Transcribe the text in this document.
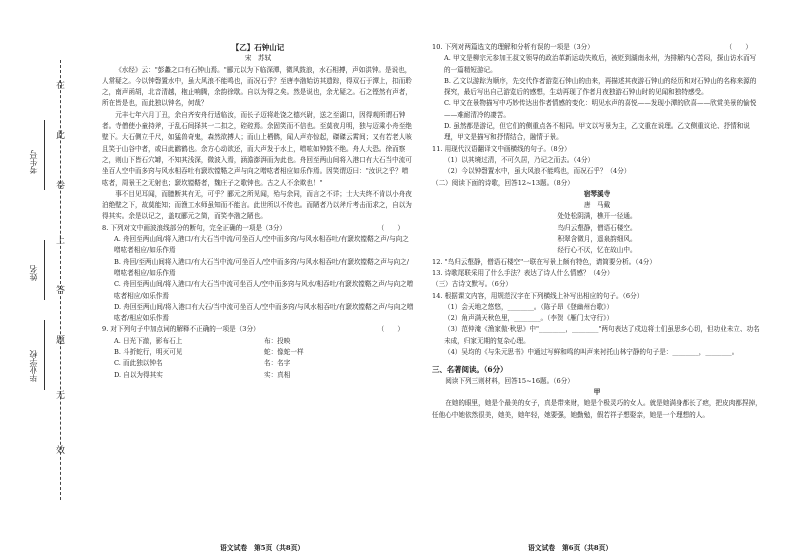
在
此
卷
上
答
题
无
效
考生号
姓名
毕业学校

【乙】石钟山记

宋　苏轼

《水经》云："彭蠡之口有石钟山焉。"郦元以为下临深潭，微风鼓浪，水石相搏，声如洪钟。是说也，人常疑之。今以钟磬置水中，虽大风浪不能鸣也，而况石乎？至唐李渤始访其遗踪，得双石于潭上，扣而聆之，南声函胡，北音清越，枹止响腾，余韵徐歇。自以为得之矣。然是说也，余尤疑之。石之铿然有声者，所在皆是也，而此独以钟名，何哉？

元丰七年六月丁丑，余自齐安舟行适临汝，而长子迈将赴饶之德兴尉，送之至湖口，因得观所谓石钟者。寺僧使小童持斧，于乱石间择其一二扣之，硿硿焉。余固笑而不信也。至莫夜月明，独与迈乘小舟至绝壁下。大石侧立千尺，如猛兽奇鬼，森然欲搏人；而山上栖鹘，闻人声亦惊起，磔磔云霄间；又有若老人咳且笑于山谷中者，或曰此鹳鹤也。余方心动欲还，而大声发于水上，噌吰如钟鼓不绝。舟人大恐。徐而察之，则山下皆石穴罅，不知其浅深，微波入焉，涵澹澎湃而为此也。舟回至两山间将入港口有大石当中流可坐百人空中而多窍与风水相吞吐有窾坎镗鞳之声与向之噌吰者相应如乐作焉。因笑谓迈曰："汝识之乎？噌吰者，周景王之无射也；窾坎镗鞳者，魏庄子之歌钟也。古之人不余欺也！"

事不目见耳闻，而臆断其有无，可乎？郦元之所见闻，殆与余同，而言之不详；士大夫终不肯以小舟夜泊绝壁之下，故莫能知；而渔工水师虽知而不能言。此世所以不传也。而陋者乃以斧斤考击而求之，自以为得其实。余是以记之，盖叹郦元之简，而笑李渤之陋也。

8. 下列对文中画波浪线部分的断句，完全正确的一项是（3分）	（　　）

A. 舟回至两山间/将入港口/有大石当中流/可坐百人/空中而多窍/与风水相吞吐/有窾坎镗鞳之声/与向之噌吰者相应/如乐作焉

B. 舟回/至两山间将入港口/有大石当中流/可坐百人/空中而多窍/与风水相吞吐/有窾坎镗鞳之声与向之/噌吰者相应/如乐作焉

C. 舟回至两山间/将入港口/有大石当中流可坐百人/空中而多窍与风水/相吞吐/有窾坎镗鞳之声/与向之噌吰者相应/如乐作焉

D. 舟回至两山间/将入港口有大石/当中流可坐百人/空中而多窍/与风水相吞吐/有窾坎镗鞳之声/与向之噌吰者/相应如乐作焉

9. 对下列句子中加点词的解释不正确的一项是（3分）	（　　）

A. 日光下澈，影布石上	布：投映
B. 斗折蛇行，明灭可见	蛇：像蛇一样
C. 而此独以钟名	名：名字
D. 自以为得其实	实：真相
语文试卷　第5页（共8页）

10. 下列对两篇选文的理解和分析有误的一项是（3分）	（　　）

A. 甲文是柳宗元参加王叔文领导的政治革新运动失败后，被贬到湖南永州，为排解内心苦闷，探山访水而写的一篇精短游记。

B. 乙文以游踪为顺序，先交代作者游览石钟山的由来，再描述其夜游石钟山的经历和对石钟山的名称来源的探究，最后写出自己游览后的感想，生动再现了作者月夜独游石钟山时的见闻和独特感受。

C. 甲文在景物描写中巧妙传达出作者情感的变化：明见水声的喜悦——发现小潭的欣喜——欣赏美景的愉悦——难耐清冷的凄苦。

D. 虽然都是游记，但它们的侧重点各不相同。甲文以写景为主，乙文重在说理。乙文侧重议论、抒情和说理，甲文是描写和抒情结合，融情于景。

11. 用现代汉语翻译文中画横线的句子。（8分）

（1）以其境过清，不可久居，乃记之而去。（4分）

（2）今以钟磬置水中，虽大风浪不能鸣也，而况石乎？（4分）

（二）阅读下面的诗歌，回答12~13题。（8分）

宿琴溪寺

唐　马戴

处处松阴满，樵开一径通。

鸟归云壑静，僧语石楼空。

积翠含微月，遥泉韵细风。

经行心不厌，忆在故山中。

12. "鸟归云壑静，僧语石楼空"一联在写景上颇有特色，请简要分析。（4分）

13. 诗歌尾联采用了什么手法？表达了诗人什么情感？（4分）

（三）古诗文默写。（6分）

14. 根据课文内容，用规范汉字在下列横线上补写出相应的句子。（6分）

（1）会天地之悠悠，________。（陈子昂《登幽州台歌》）

（2）角声满天秋色里，________。（李贺《雁门太守行》）

（3）范仲淹《渔家傲·秋思》中"________，________"两句表达了戍边将士们虽思乡心切，但功业未立、功名未成，归家无期的复杂心理。

（4）吴均的《与朱元思书》中通过写鲜和鸣的叫声来衬托山林宁静的句子是：________，________。

三、名著阅读。（6分）

阅读下列三则材料，回答15~16题。（6分）

甲

在她的眼里，她是个最美的女子，真是带来财，她是个极灵巧的女人。就是她满身都长了疤，把皮肉都捏掉，任他心中她依然很美，她美，她年轻，她要强，她勤勉，假若祥子想娶亲，她是一个理想的人。

语文试卷　第6页（共8页）
